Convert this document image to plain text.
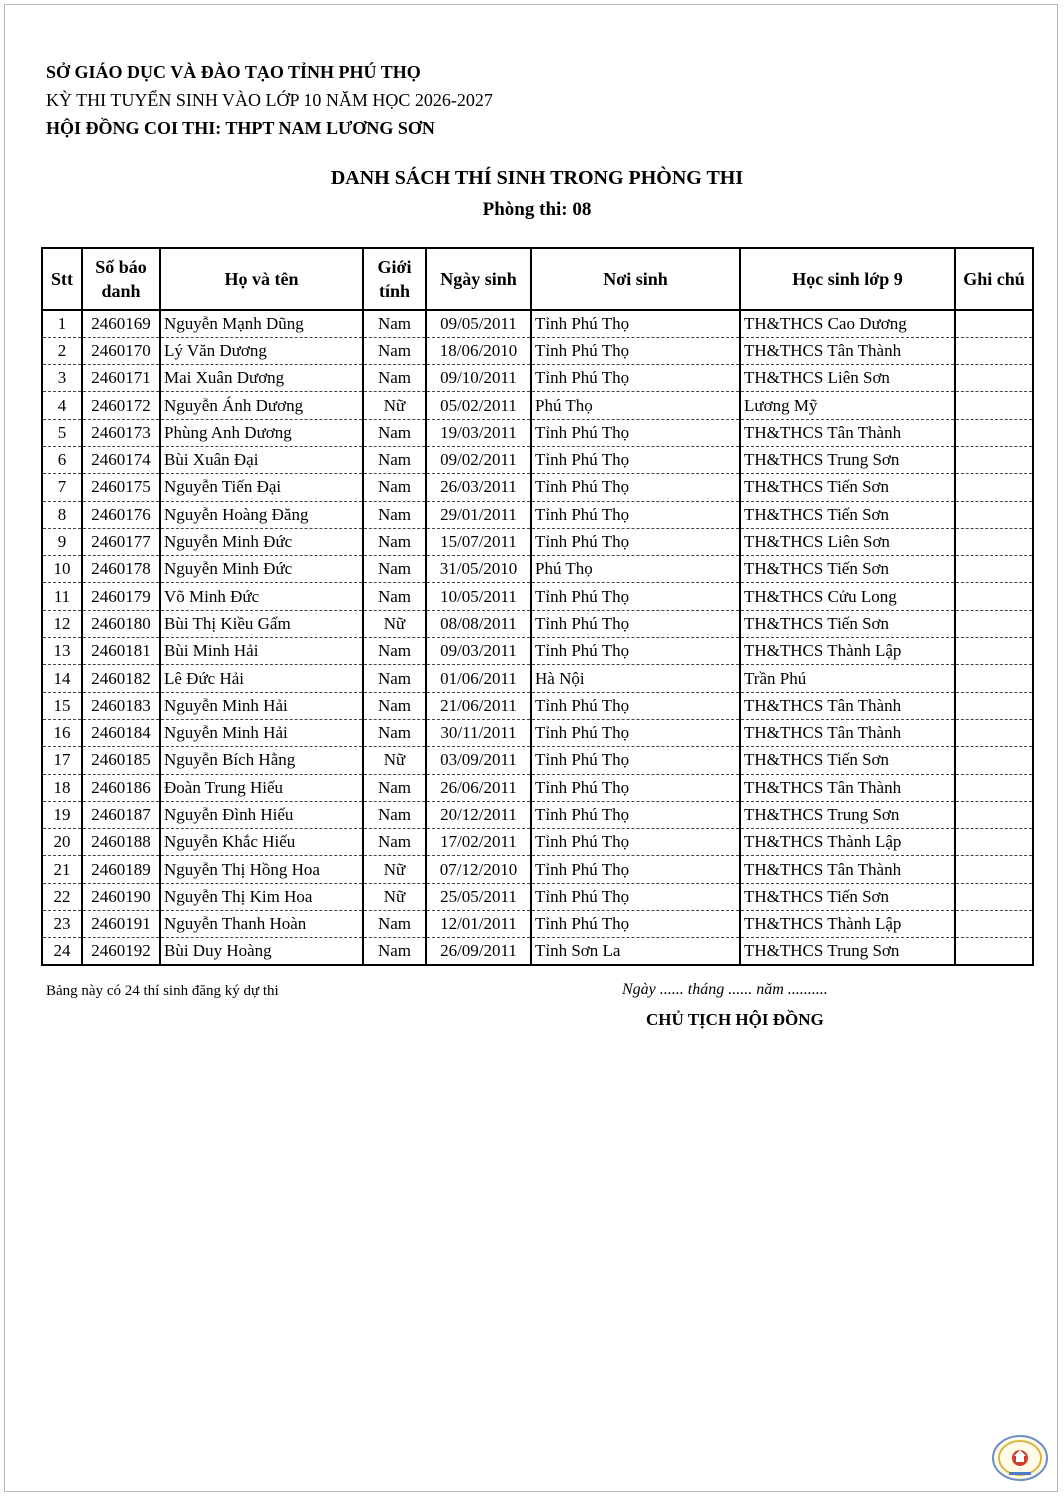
SỞ GIÁO DỤC VÀ ĐÀO TẠO TỈNH PHÚ THỌ
KỲ THI TUYỂN SINH VÀO LỚP 10 NĂM HỌC 2026-2027
HỘI ĐỒNG COI THI: THPT NAM LƯƠNG SƠN
DANH SÁCH THÍ SINH TRONG PHÒNG THI
Phòng thi: 08
Stt	Số báo danh	Họ và tên	Giới tính	Ngày sinh	Nơi sinh	Học sinh lớp 9	Ghi chú
1	2460169	Nguyễn Mạnh Dũng	Nam	09/05/2011	Tỉnh Phú Thọ	TH&THCS Cao Dương	
2	2460170	Lý Văn Dương	Nam	18/06/2010	Tỉnh Phú Thọ	TH&THCS Tân Thành	
3	2460171	Mai Xuân Dương	Nam	09/10/2011	Tỉnh Phú Thọ	TH&THCS Liên Sơn	
4	2460172	Nguyễn Ánh Dương	Nữ	05/02/2011	Phú Thọ	Lương Mỹ	
5	2460173	Phùng Anh Dương	Nam	19/03/2011	Tỉnh Phú Thọ	TH&THCS Tân Thành	
6	2460174	Bùi Xuân Đại	Nam	09/02/2011	Tỉnh Phú Thọ	TH&THCS Trung Sơn	
7	2460175	Nguyễn Tiến Đại	Nam	26/03/2011	Tỉnh Phú Thọ	TH&THCS Tiến Sơn	
8	2460176	Nguyễn Hoàng Đăng	Nam	29/01/2011	Tỉnh Phú Thọ	TH&THCS Tiến Sơn	
9	2460177	Nguyễn Minh Đức	Nam	15/07/2011	Tỉnh Phú Thọ	TH&THCS Liên Sơn	
10	2460178	Nguyễn Minh Đức	Nam	31/05/2010	Phú Thọ	TH&THCS Tiến Sơn	
11	2460179	Võ Minh Đức	Nam	10/05/2011	Tỉnh Phú Thọ	TH&THCS Cửu Long	
12	2460180	Bùi Thị Kiều Gấm	Nữ	08/08/2011	Tỉnh Phú Thọ	TH&THCS Tiến Sơn	
13	2460181	Bùi Minh Hải	Nam	09/03/2011	Tỉnh Phú Thọ	TH&THCS Thành Lập	
14	2460182	Lê Đức Hải	Nam	01/06/2011	Hà Nội	Trần Phú	
15	2460183	Nguyễn Minh Hải	Nam	21/06/2011	Tỉnh Phú Thọ	TH&THCS Tân Thành	
16	2460184	Nguyễn Minh Hải	Nam	30/11/2011	Tỉnh Phú Thọ	TH&THCS Tân Thành	
17	2460185	Nguyễn Bích Hằng	Nữ	03/09/2011	Tỉnh Phú Thọ	TH&THCS Tiến Sơn	
18	2460186	Đoàn Trung Hiếu	Nam	26/06/2011	Tỉnh Phú Thọ	TH&THCS Tân Thành	
19	2460187	Nguyễn Đình Hiếu	Nam	20/12/2011	Tỉnh Phú Thọ	TH&THCS Trung Sơn	
20	2460188	Nguyễn Khắc Hiếu	Nam	17/02/2011	Tỉnh Phú Thọ	TH&THCS Thành Lập	
21	2460189	Nguyễn Thị Hồng Hoa	Nữ	07/12/2010	Tỉnh Phú Thọ	TH&THCS Tân Thành	
22	2460190	Nguyễn Thị Kim Hoa	Nữ	25/05/2011	Tỉnh Phú Thọ	TH&THCS Tiến Sơn	
23	2460191	Nguyễn Thanh Hoàn	Nam	12/01/2011	Tỉnh Phú Thọ	TH&THCS Thành Lập	
24	2460192	Bùi Duy Hoàng	Nam	26/09/2011	Tỉnh Sơn La	TH&THCS Trung Sơn	
Bảng này có 24 thí sinh đăng ký dự thi	Ngày ...... tháng ...... năm ..........
CHỦ TỊCH HỘI ĐỒNG
